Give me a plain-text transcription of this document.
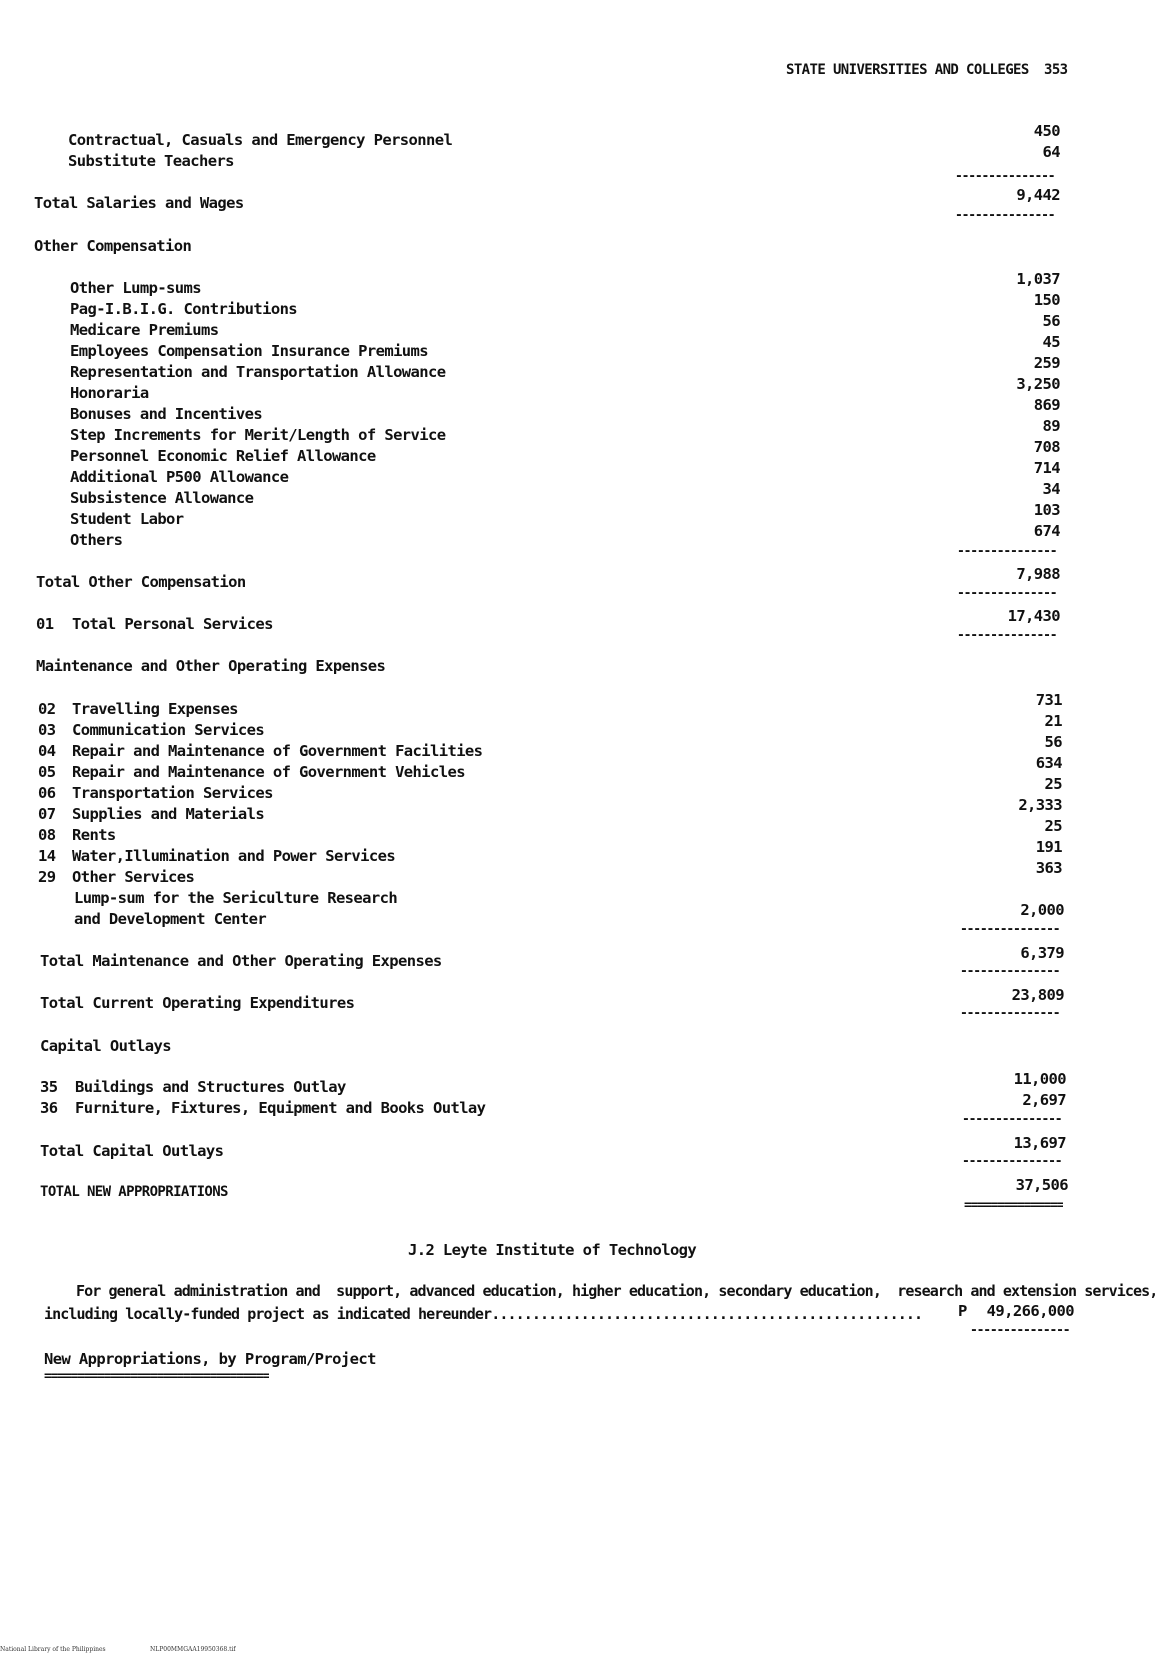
STATE UNIVERSITIES AND COLLEGES 353
Contractual, Casuals and Emergency Personnel	450
Substitute Teachers	64
---------------
Total Salaries and Wages	9,442
---------------
Other Compensation
Other Lump-sums	1,037
Pag-I.B.I.G. Contributions	150
Medicare Premiums	56
Employees Compensation Insurance Premiums	45
Representation and Transportation Allowance	259
Honoraria	3,250
Bonuses and Incentives	869
Step Increments for Merit/Length of Service	89
Personnel Economic Relief Allowance	708
Additional P500 Allowance	714
Subsistence Allowance	34
Student Labor	103
Others	674
---------------
Total Other Compensation	7,988
---------------
01 Total Personal Services	17,430
---------------
Maintenance and Other Operating Expenses
02 Travelling Expenses	731
03 Communication Services	21
04 Repair and Maintenance of Government Facilities	56
05 Repair and Maintenance of Government Vehicles	634
06 Transportation Services	25
07 Supplies and Materials	2,333
08 Rents	25
14 Water,Illumination and Power Services	191
29 Other Services	363
Lump-sum for the Sericulture Research
and Development Center	2,000
---------------
Total Maintenance and Other Operating Expenses	6,379
---------------
Total Current Operating Expenditures	23,809
---------------
Capital Outlays
35 Buildings and Structures Outlay	11,000
36 Furniture, Fixtures, Equipment and Books Outlay	2,697
---------------
Total Capital Outlays	13,697
---------------
TOTAL NEW APPROPRIATIONS	37,506
===============
J.2 Leyte Institute of Technology
For general administration and  support, advanced education, higher education, secondary education,  research and extension services,
including locally-funded project as indicated hereunder..................................................... P	49,266,000
---------------
New Appropriations, by Program/Project
==================================
National Library of the Philippines	NLP00MMGAA19950368.tif
